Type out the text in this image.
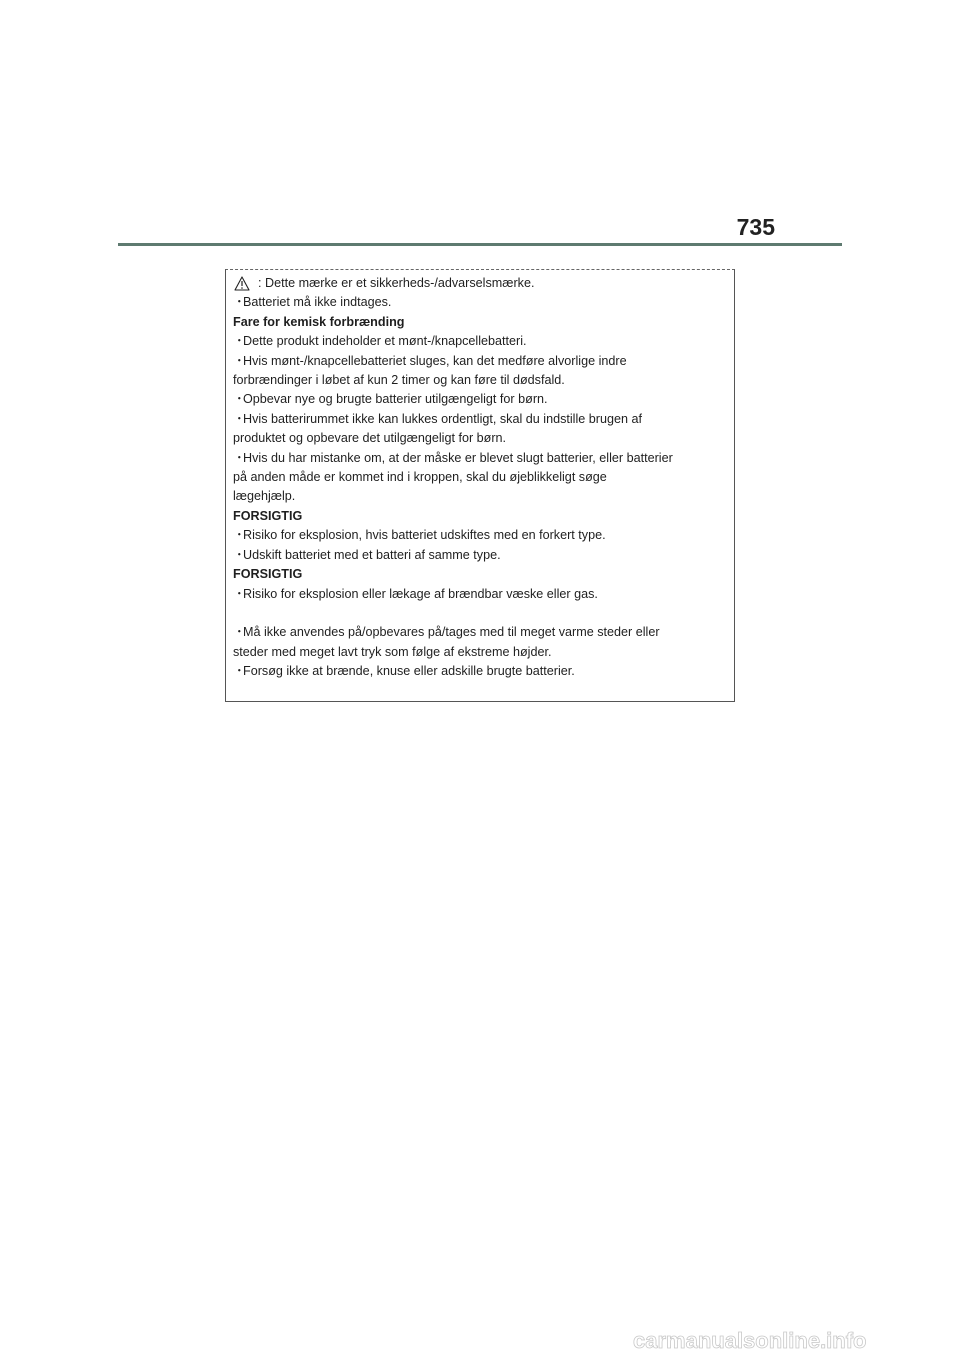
735
: Dette mærke er et sikkerheds-/advarselsmærke.
・Batteriet må ikke indtages.
Fare for kemisk forbrænding
・Dette produkt indeholder et mønt-/knapcellebatteri.
・Hvis mønt-/knapcellebatteriet sluges, kan det medføre alvorlige indre
forbrændinger i løbet af kun 2 timer og kan føre til dødsfald.
・Opbevar nye og brugte batterier utilgængeligt for børn.
・Hvis batterirummet ikke kan lukkes ordentligt, skal du indstille brugen af
produktet og opbevare det utilgængeligt for børn.
・Hvis du har mistanke om, at der måske er blevet slugt batterier, eller batterier
på anden måde er kommet ind i kroppen, skal du øjeblikkeligt søge
lægehjælp.
FORSIGTIG
・Risiko for eksplosion, hvis batteriet udskiftes med en forkert type.
・Udskift batteriet med et batteri af samme type.
FORSIGTIG
・Risiko for eksplosion eller lækage af brændbar væske eller gas.
・Må ikke anvendes på/opbevares på/tages med til meget varme steder eller
steder med meget lavt tryk som følge af ekstreme højder.
・Forsøg ikke at brænde, knuse eller adskille brugte batterier.
carmanualsonline.info
